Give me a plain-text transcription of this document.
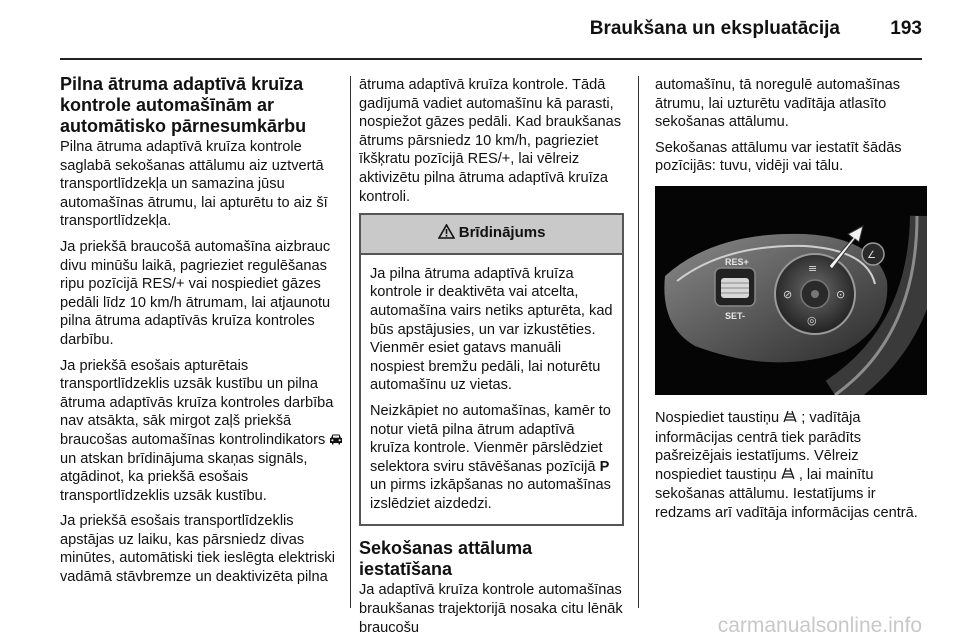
Braukšana un ekspluatācija	193
Pilna ātruma adaptīvā kruīza kontrole automašīnām ar automātisko pārnesumkārbu

Pilna ātruma adaptīvā kruīza kontrole saglabā sekošanas attālumu aiz uztvertā transportlīdzekļa un samazina jūsu automašīnas ātrumu, lai apturētu to aiz šī transportlīdzekļa.

Ja priekšā braucošā automašīna aizbrauc divu minūšu laikā, pagrieziet regulēšanas ripu pozīcijā RES/+ vai nospiediet gāzes pedāli līdz 10 km/h ātrumam, lai atjaunotu pilna ātruma adaptīvās kruīza kontroles darbību.

Ja priekšā esošais apturētais transportlīdzeklis uzsāk kustību un pilna ātruma adaptīvās kruīza kontroles darbība nav atsākta, sāk mirgot zaļš priekšā braucošas automašīnas kontrolindikators  un atskan brīdinājuma skaņas signāls, atgādinot, ka priekšā esošais transportlīdzeklis uzsāk kustību.

Ja priekšā esošais transportlīdzeklis apstājas uz laiku, kas pārsniedz divas minūtes, automātiski tiek ieslēgta elektriski vadāmā stāvbremze un deaktivizēta pilna

ātruma adaptīvā kruīza kontrole. Tādā gadījumā vadiet automašīnu kā parasti, nospiežot gāzes pedāli. Kad braukšanas ātrums pārsniedz 10 km/h, pagrieziet īkšķratu pozīcijā RES/+, lai vēlreiz aktivizētu pilna ātruma adaptīvā kruīza kontroli.

Brīdinājums

Ja pilna ātruma adaptīvā kruīza kontrole ir deaktivēta vai atcelta, automašīna vairs netiks apturēta, kad būs apstājusies, un var izkustēties. Vienmēr esiet gatavs manuāli nospiest bremžu pedāli, lai noturētu automašīnu uz vietas.

Neizkāpiet no automašīnas, kamēr to notur vietā pilna ātrum adaptīvā kruīza kontrole. Vienmēr pārslēdziet selektora sviru stāvēšanas pozīcijā P un pirms izkāpšanas no automašīnas izslēdziet aizdedzi.

Sekošanas attāluma iestatīšana

Ja adaptīvā kruīza kontrole automašīnas braukšanas trajektorijā nosaka citu lēnāk braucošu

automašīnu, tā noregulē automašīnas ātrumu, lai uzturētu vadītāja atlasīto sekošanas attālumu.

Sekošanas attālumu var iestatīt šādās pozīcijās: tuvu, vidēji vai tālu.

RES+
SET-
≡
⊘	⊙
◎
∠

Nospiediet taustiņu ; vadītāja informācijas centrā tiek parādīts pašreizējais iestatījums. Vēlreiz nospiediet taustiņu , lai mainītu sekošanas attālumu. Iestatījums ir redzams arī vadītāja informācijas centrā.

carmanualsonline.info
